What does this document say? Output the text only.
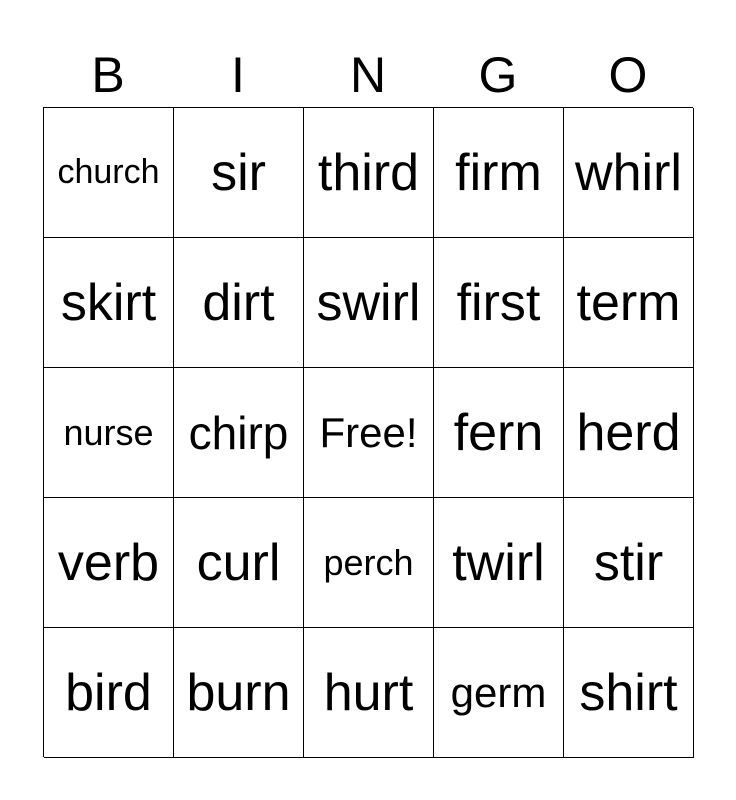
B	I	N	G	O
church sir third firm whirl
skirt dirt swirl first term
nurse chirp Free! fern herd
verb curl	perch twirl stir
bird burn hurt germ shirt
